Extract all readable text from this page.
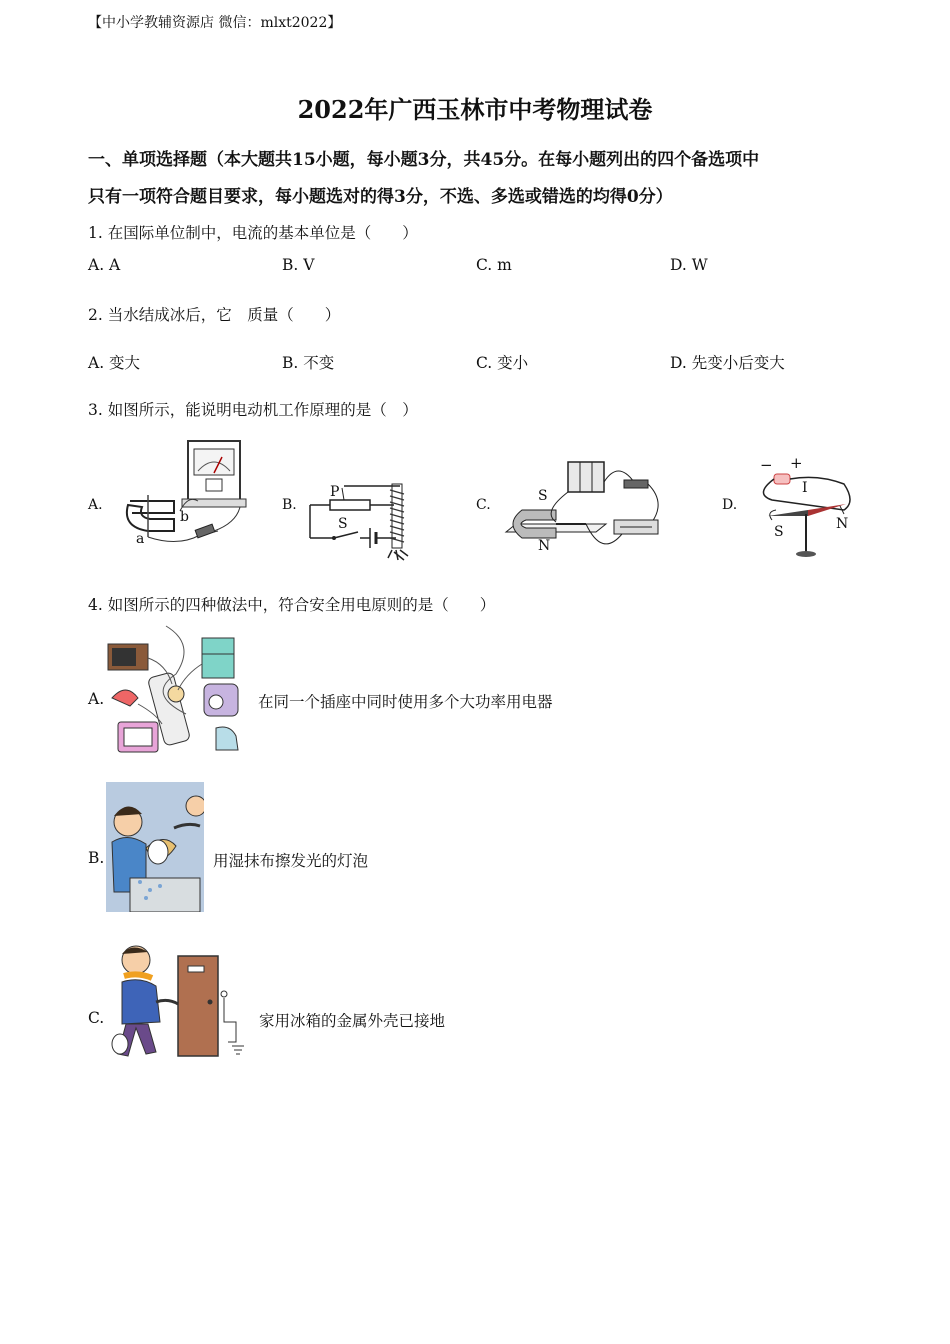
【中小学教辅资源店 微信：mlxt2022】
2022年广西玉林市中考物理试卷
一、单项选择题（本大题共15小题，每小题3分，共45分。在每小题列出的四个备选项中
只有一项符合题目要求，每小题选对的得3分，不选、多选或错选的均得0分）
1. 在国际单位制中，电流的基本单位是（　　）
A. A	B. V	C. m	D. W
2. 当水结成冰后，它　质量（　　）
A. 变大	B. 不变	C. 变小	D. 先变小后变大
3. 如图所示，能说明电动机工作原理的是（　）
A.
a
b
B.
P
S
C.
S
N
D.
− +
I
S	N
4. 如图所示的四种做法中，符合安全用电原则的是（　　）
A.	在同一个插座中同时使用多个大功率用电器
B.	用湿抹布擦发光的灯泡
C.	家用冰箱的金属外壳已接地
